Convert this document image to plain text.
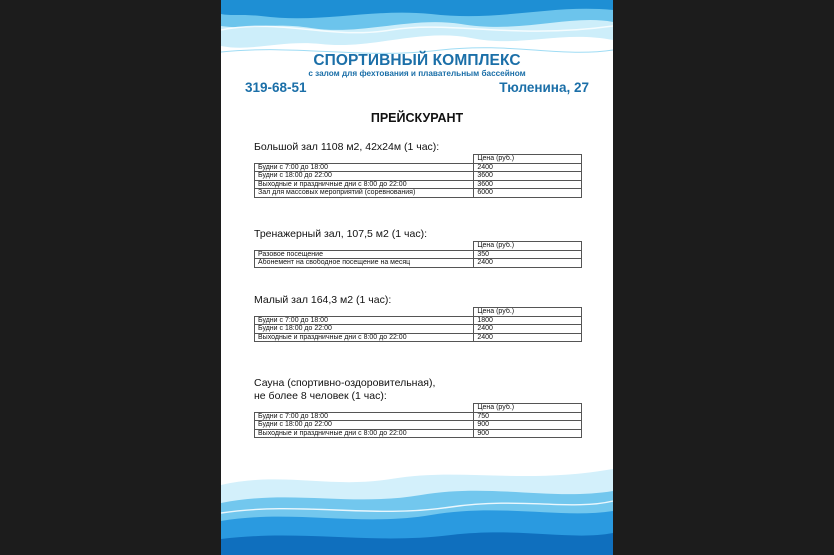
СПОРТИВНЫЙ КОМПЛЕКС
с залом для фехтования и плавательным бассейном
319-68-51	Тюленина, 27
ПРЕЙСКУРАНТ
Большой зал 1108 м2, 42х24м (1 час):
	Цена (руб.)
Будни с 7:00 до 18:00	2400
Будни с 18:00 до 22:00	3600
Выходные и праздничные дни с 8:00 до 22:00	3600
Зал для массовых мероприятий (соревнования)	6000
Тренажерный зал, 107,5 м2 (1 час):
	Цена (руб.)
Разовое посещение	350
Абонемент на свободное посещение на месяц	2400
Малый зал 164,3 м2 (1 час):
	Цена (руб.)
Будни с 7:00 до 18:00	1800
Будни с 18:00 до 22:00	2400
Выходные и праздничные дни с 8:00 до 22:00	2400
Сауна (спортивно-оздоровительная),
не более 8 человек (1 час):
	Цена (руб.)
Будни с 7:00 до 18:00	750
Будни с 18:00 до 22:00	900
Выходные и праздничные дни с 8:00 до 22:00	900
